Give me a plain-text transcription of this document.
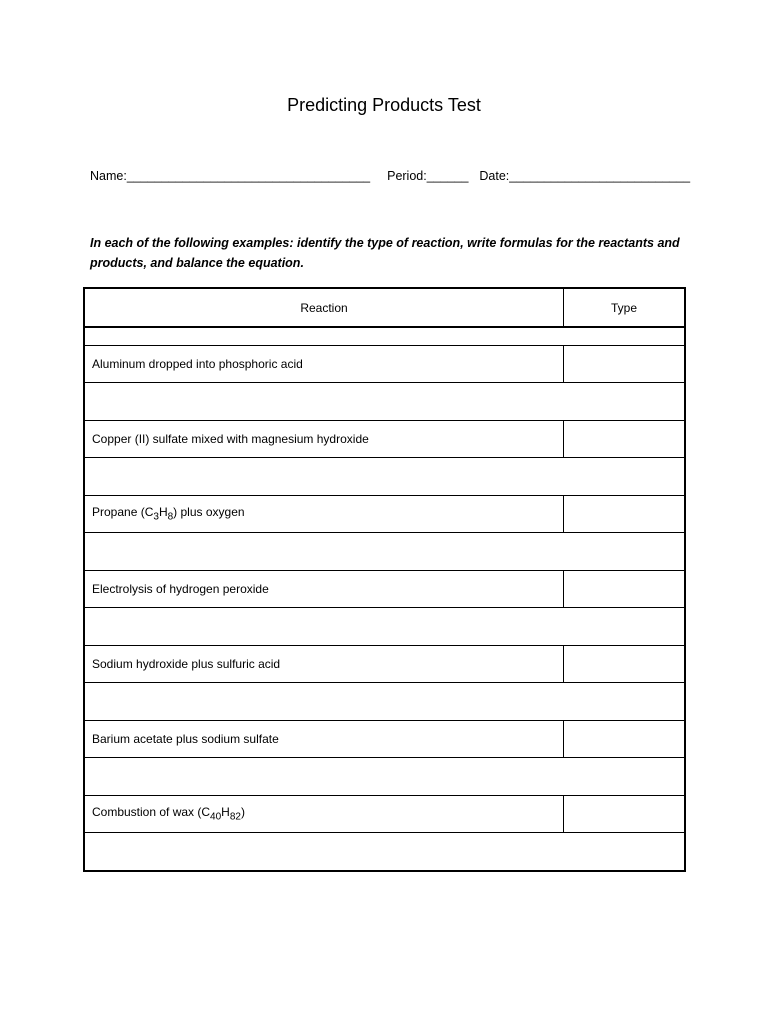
Predicting Products Test
Name:___________________________________ Period:______ Date:__________________________
In each of the following examples: identify the type of reaction, write formulas for the reactants and products, and balance the equation.
Reaction	Type

Aluminum dropped into phosphoric acid	

Copper (II) sulfate mixed with magnesium hydroxide	

Propane $(C_3H_8)$ plus oxygen	

Electrolysis of hydrogen peroxide	

Sodium hydroxide plus sulfuric acid	

Barium acetate plus sodium sulfate	

Combustion of wax $(C_{40}H_{82})$	
